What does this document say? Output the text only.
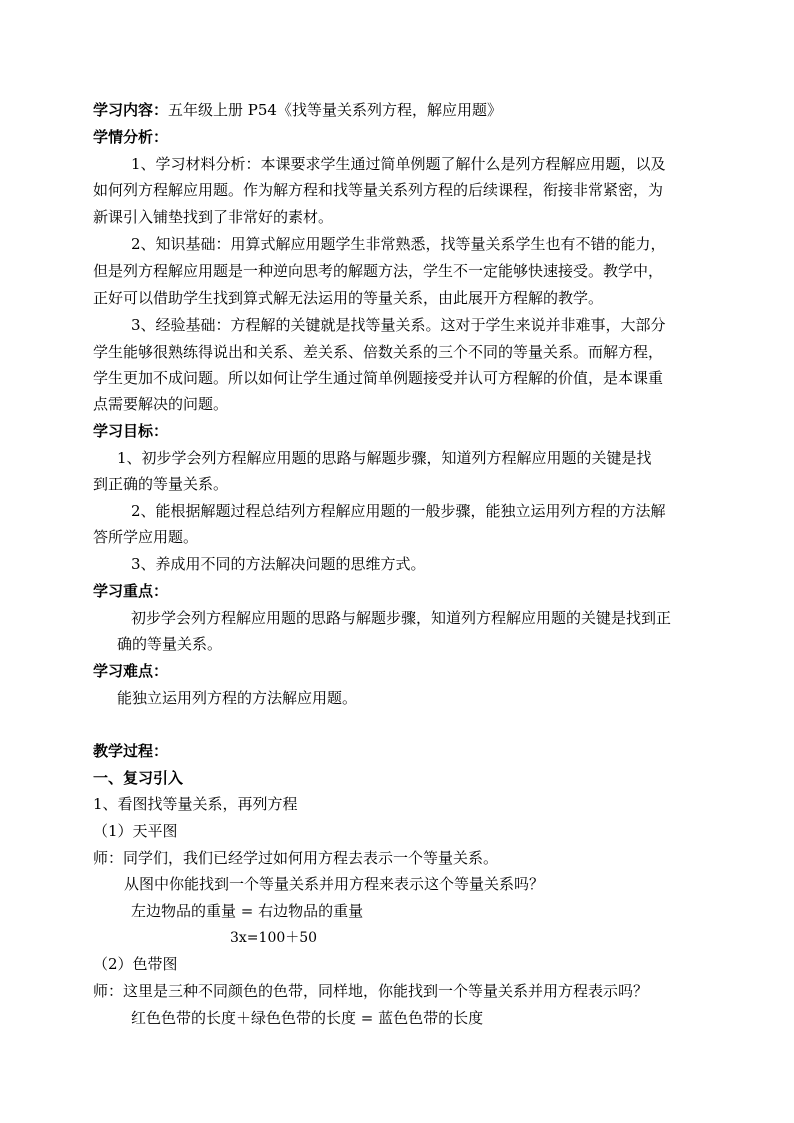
学习内容：五年级上册 P54《找等量关系列方程，解应用题》
学情分析：
1、学习材料分析：本课要求学生通过简单例题了解什么是列方程解应用题，以及
如何列方程解应用题。作为解方程和找等量关系列方程的后续课程，衔接非常紧密，为
新课引入铺垫找到了非常好的素材。
2、知识基础：用算式解应用题学生非常熟悉，找等量关系学生也有不错的能力，
但是列方程解应用题是一种逆向思考的解题方法，学生不一定能够快速接受。教学中，
正好可以借助学生找到算式解无法运用的等量关系，由此展开方程解的教学。
3、经验基础：方程解的关键就是找等量关系。这对于学生来说并非难事，大部分
学生能够很熟练得说出和关系、差关系、倍数关系的三个不同的等量关系。而解方程，
学生更加不成问题。所以如何让学生通过简单例题接受并认可方程解的价值，是本课重
点需要解决的问题。
学习目标：
1、初步学会列方程解应用题的思路与解题步骤，知道列方程解应用题的关键是找
到正确的等量关系。
2、能根据解题过程总结列方程解应用题的一般步骤，能独立运用列方程的方法解
答所学应用题。
3、养成用不同的方法解决问题的思维方式。
学习重点：
初步学会列方程解应用题的思路与解题步骤，知道列方程解应用题的关键是找到正
确的等量关系。
学习难点：
能独立运用列方程的方法解应用题。
教学过程：
一、复习引入
1、看图找等量关系，再列方程
（1）天平图
师：同学们，我们已经学过如何用方程去表示一个等量关系。
从图中你能找到一个等量关系并用方程来表示这个等量关系吗？
左边物品的重量 = 右边物品的重量
3x=100＋50
（2）色带图
师：这里是三种不同颜色的色带，同样地，你能找到一个等量关系并用方程表示吗？
红色色带的长度＋绿色色带的长度 = 蓝色色带的长度
